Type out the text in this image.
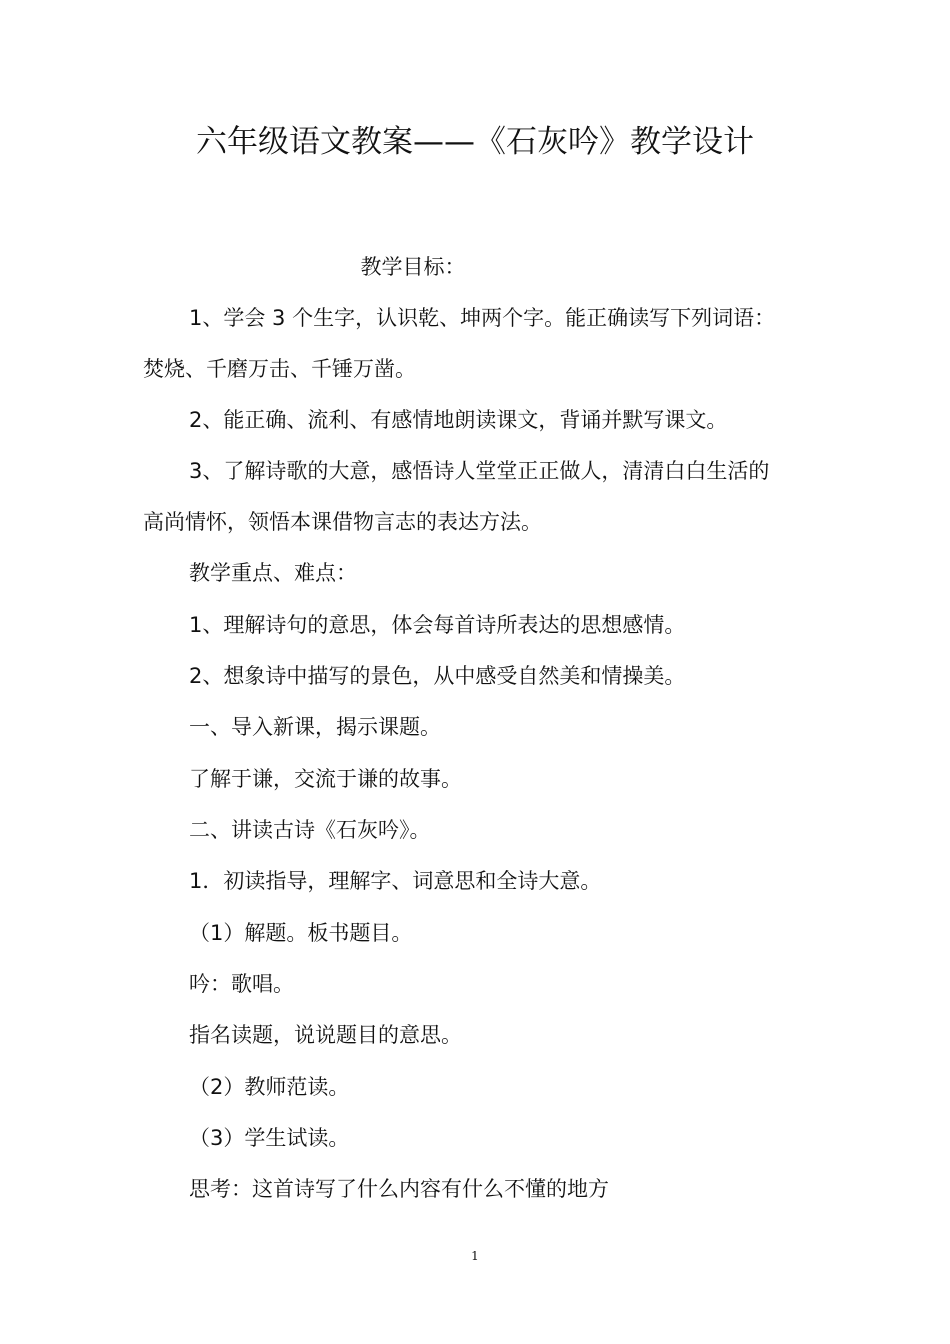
六年级语文教案——《石灰吟》教学设计
教学目标：
1、学会 3 个生字，认识乾、坤两个字。能正确读写下列词语：
焚烧、千磨万击、千锤万凿。
2、能正确、流利、有感情地朗读课文，背诵并默写课文。
3、了解诗歌的大意，感悟诗人堂堂正正做人，清清白白生活的
高尚情怀，领悟本课借物言志的表达方法。
教学重点、难点：
1、理解诗句的意思，体会每首诗所表达的思想感情。
2、想象诗中描写的景色，从中感受自然美和情操美。
一、导入新课，揭示课题。
了解于谦，交流于谦的故事。
二、讲读古诗《石灰吟》。
1．初读指导，理解字、词意思和全诗大意。
（1）解题。板书题目。
吟：歌唱。
指名读题，说说题目的意思。
（2）教师范读。
（3）学生试读。
思考：这首诗写了什么内容有什么不懂的地方
1
